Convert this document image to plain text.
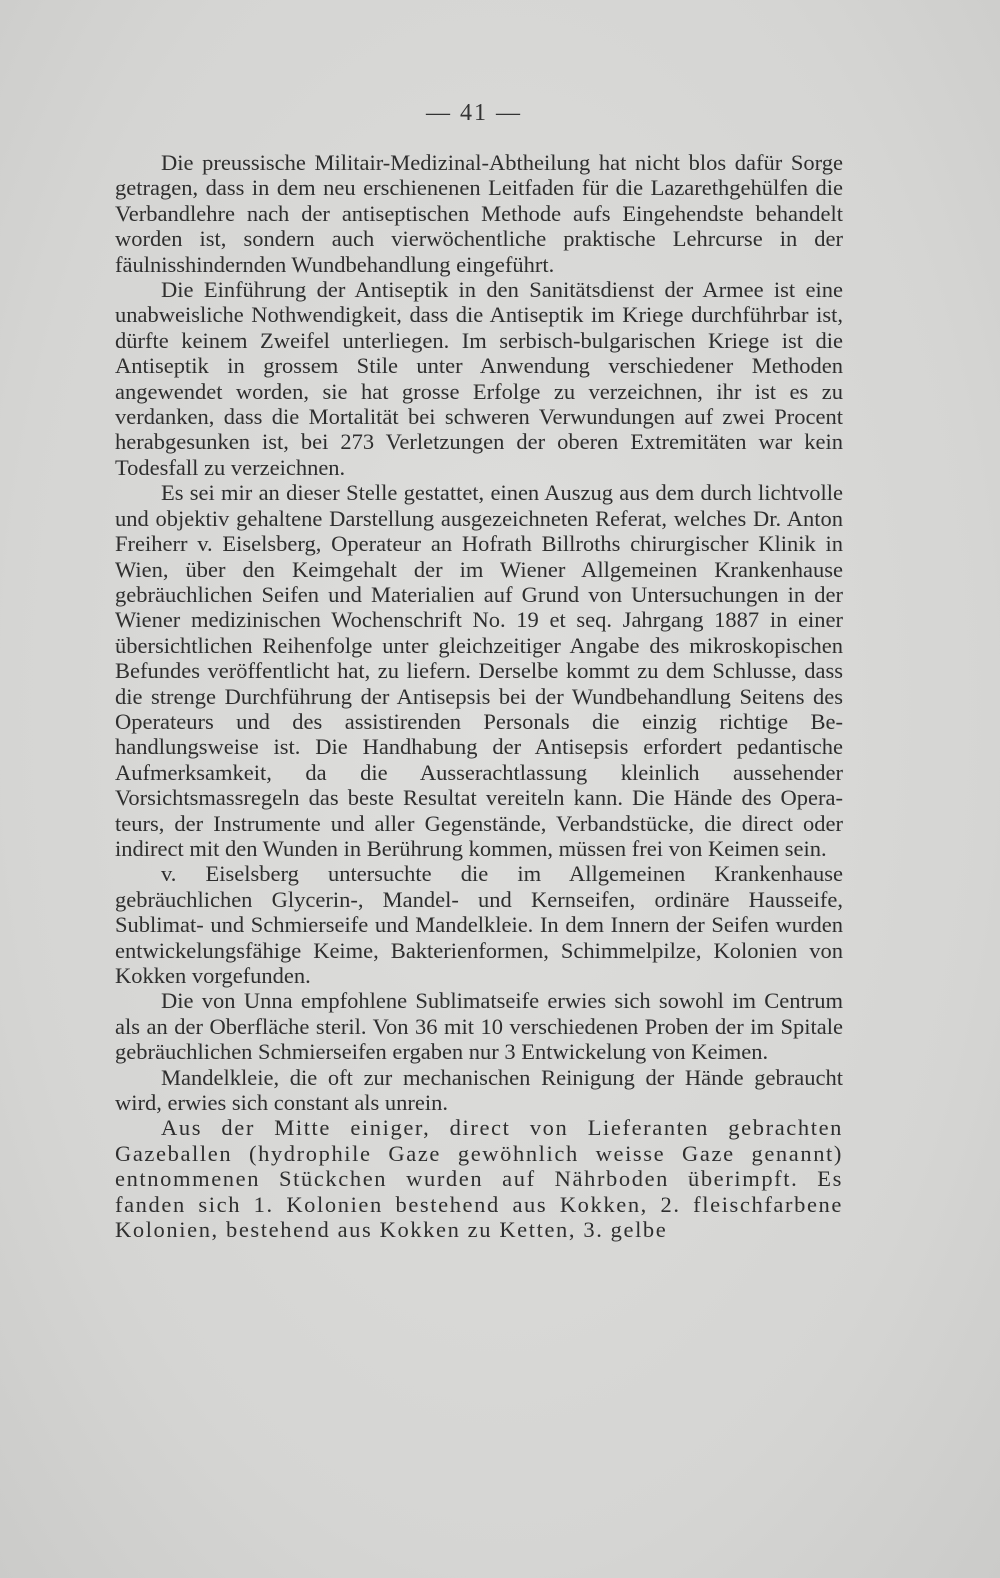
— 41 —

Die preussische Militair-Medizinal-Abtheilung hat nicht blos dafür Sorge getragen, dass in dem neu erschienenen Leitfaden für die Lazarethgehülfen die Verbandlehre nach der antiseptischen Methode aufs Eingehendste behandelt worden ist, sondern auch vierwöchentliche praktische Lehrcurse in der fäulnisshindernden Wundbehandlung eingeführt.

Die Einführung der Antiseptik in den Sanitätsdienst der Armee ist eine unabweisliche Nothwendigkeit, dass die Antiseptik im Kriege durchführbar ist, dürfte keinem Zweifel unterliegen. Im serbisch-bulgarischen Kriege ist die Antiseptik in grossem Stile unter Anwendung verschiedener Methoden angewendet worden, sie hat grosse Erfolge zu verzeichnen, ihr ist es zu verdanken, dass die Mortalität bei schweren Verwundungen auf zwei Procent herabgesunken ist, bei 273 Verletzungen der oberen Extremitäten war kein Todesfall zu verzeichnen.

Es sei mir an dieser Stelle gestattet, einen Auszug aus dem durch lichtvolle und objektiv gehaltene Darstellung ausgezeichneten Referat, welches Dr. Anton Freiherr v. Eiselsberg, Operateur an Hofrath Billroths chirurgischer Klinik in Wien, über den Keimgehalt der im Wiener Allgemeinen Krankenhause gebräuchlichen Seifen und Materialien auf Grund von Untersuchungen in der Wiener medizinischen Wochenschrift No. 19 et seq. Jahrgang 1887 in einer übersichtlichen Reihenfolge unter gleichzeitiger Angabe des mikroskopischen Befundes veröffentlicht hat, zu liefern. Derselbe kommt zu dem Schlusse, dass die strenge Durchführung der Antisepsis bei der Wundbehandlung Seitens des Operateurs und des assistirenden Personals die einzig richtige Behandlungsweise ist. Die Handhabung der Antisepsis erfordert pedantische Aufmerksamkeit, da die Ausserachtlassung kleinlich aussehender Vorsichtsmassregeln das beste Resultat vereiteln kann. Die Hände des Operateurs, der Instrumente und aller Gegenstände, Verbandstücke, die direct oder indirect mit den Wunden in Berührung kommen, müssen frei von Keimen sein.

v. Eiselsberg untersuchte die im Allgemeinen Krankenhause gebräuchlichen Glycerin-, Mandel- und Kernseifen, ordinäre Hausseife, Sublimat- und Schmierseife und Mandelkleie. In dem Innern der Seifen wurden entwickelungsfähige Keime, Bakterienformen, Schimmelpilze, Kolonien von Kokken vorgefunden.

Die von Unna empfohlene Sublimatseife erwies sich sowohl im Centrum als an der Oberfläche steril. Von 36 mit 10 verschiedenen Proben der im Spitale gebräuchlichen Schmierseifen ergaben nur 3 Entwickelung von Keimen.

Mandelkleie, die oft zur mechanischen Reinigung der Hände gebraucht wird, erwies sich constant als unrein.

Aus der Mitte einiger, direct von Lieferanten gebrachten Gazeballen (hydrophile Gaze gewöhnlich weisse Gaze genannt) entnommenen Stückchen wurden auf Nährboden überimpft. Es fanden sich 1. Kolonien bestehend aus Kokken, 2. fleischfarbene Kolonien, bestehend aus Kokken zu Ketten, 3. gelbe
